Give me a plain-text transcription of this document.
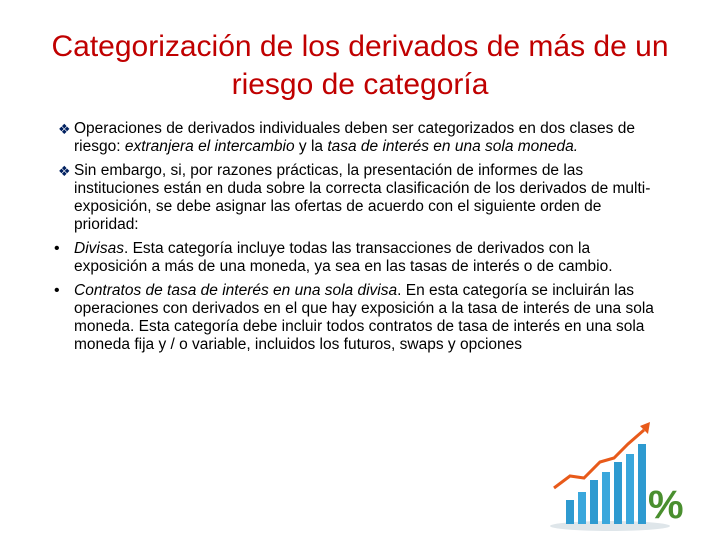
Categorización de los derivados de más de un riesgo de categoría
❖ Operaciones de derivados individuales deben ser categorizados en dos clases de riesgo: extranjera el intercambio y la tasa de interés en una sola moneda.
❖ Sin embargo, si, por razones prácticas, la presentación de informes de las instituciones están en duda sobre la correcta clasificación de los derivados de multi-exposición, se debe asignar las ofertas de acuerdo con el siguiente orden de prioridad:
• Divisas. Esta categoría incluye todas las transacciones de derivados con la exposición a más de una moneda, ya sea en las tasas de interés o de cambio.
• Contratos de tasa de interés en una sola divisa. En esta categoría se incluirán las operaciones con derivados en el que hay exposición a la tasa de interés de una sola moneda. Esta categoría debe incluir todos contratos de tasa de interés en una sola moneda fija y / o variable, incluidos los futuros, swaps y opciones
%
